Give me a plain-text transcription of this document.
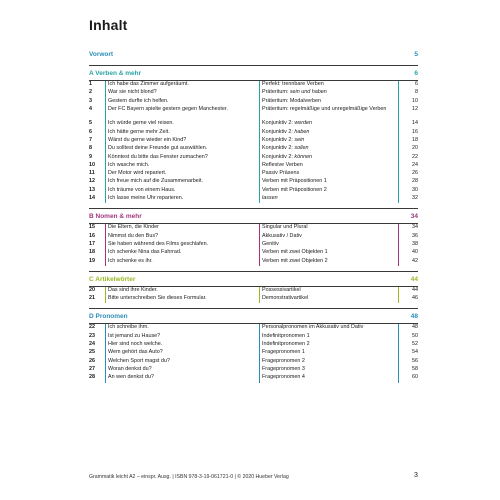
Inhalt
Vorwort	5
A Verben & mehr	6
1	Ich habe das Zimmer aufgeräumt.	Perfekt: trennbare Verben	6
2	War sie nicht blond?	Präteritum: sein und haben	8
3	Gestern durfte ich helfen.	Präteritum: Modalverben	10
4	Der FC Bayern spielte gestern gegen Manchester.	Präteritum: regelmäßige und unregelmäßige Verben	12
5	Ich würde gerne viel reisen.	Konjunktiv 2: werden	14
6	Ich hätte gerne mehr Zeit.	Konjunktiv 2: haben	16
7	Wärst du gerne wieder ein Kind?	Konjunktiv 2: sein	18
8	Du solltest deine Freunde gut auswählen.	Konjunktiv 2: sollen	20
9	Könntest du bitte das Fenster zumachen?	Konjunktiv 2: können	22
10	Ich wasche mich.	Reflexive Verben	24
11	Der Motor wird repariert.	Passiv Präsens	26
12	Ich freue mich auf die Zusammenarbeit.	Verben mit Präpositionen 1	28
13	Ich träume von einem Haus.	Verben mit Präpositionen 2	30
14	Ich lasse meine Uhr reparieren.	lassen	32
B Nomen & mehr	34
15	Die Eltern, die Kinder	Singular und Plural	34
16	Nimmst du den Bus?	Akkusativ / Dativ	36
17	Sie haben während des Films geschlafen.	Genitiv	38
18	Ich schenke Nina das Fahrrad.	Verben mit zwei Objekten 1	40
19	Ich schenke es ihr.	Verben mit zwei Objekten 2	42
C Artikelwörter	44
20	Das sind ihre Kinder.	Possessivartikel	44
21	Bitte unterschreiben Sie dieses Formular.	Demonstrativartikel	46
D Pronomen	48
22	Ich schreibe ihm.	Personalpronomen im Akkusativ und Dativ	48
23	Ist jemand zu Hause?	Indefinitpronomen 1	50
24	Hier sind noch welche.	Indefinitpronomen 2	52
25	Wem gehört das Auto?	Fragepronomen 1	54
26	Welchen Sport magst du?	Fragepronomen 2	56
27	Woran denkst du?	Fragepronomen 3	58
28	An wen denkst du?	Fragepronomen 4	60
Grammatik leicht A2 – einspr. Ausg. | ISBN 978-3-19-061721-0 | © 2020 Hueber Verlag	3
